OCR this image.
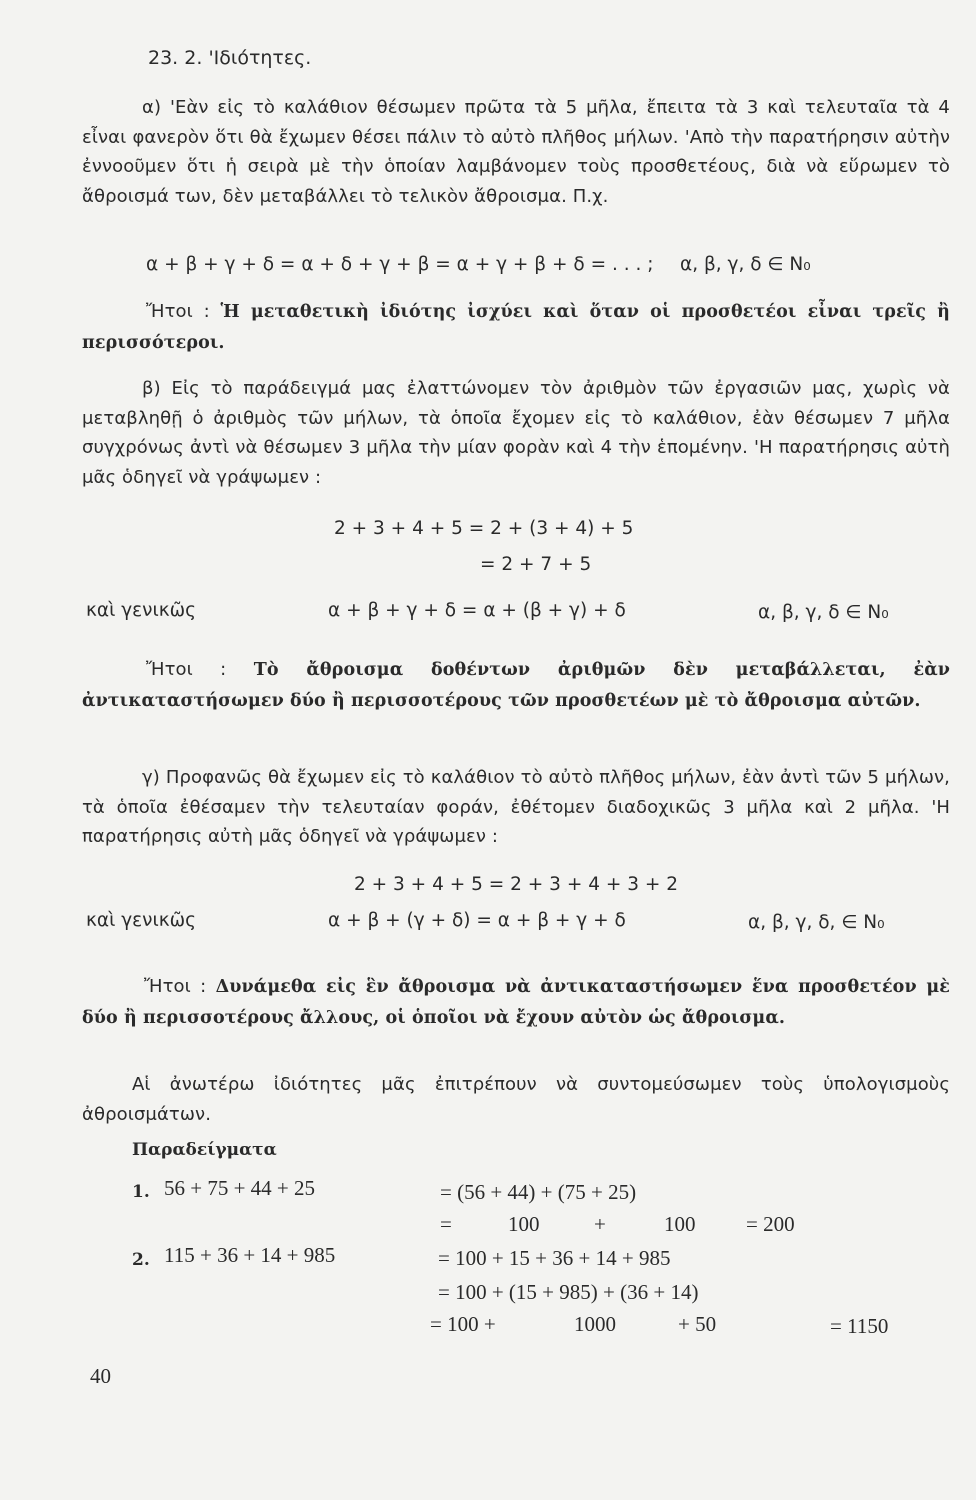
23. 2. 'Ιδιότητες.
α) 'Εὰν εἰς τὸ καλάθιον θέσωμεν πρῶτα τὰ 5 μῆλα, ἔπειτα τὰ 3 καὶ τελευταῖα τὰ 4 εἶναι φανερὸν ὅτι θὰ ἔχωμεν θέσει πάλιν τὸ αὐτὸ πλῆθος μήλων. 'Απὸ τὴν παρατήρησιν αὐτὴν ἐννοοῦμεν ὅτι ἡ σειρὰ μὲ τὴν ὁποίαν λαμβάνομεν τοὺς προσθετέους, διὰ νὰ εὕρωμεν τὸ ἄθροισμά των, δὲν μεταβάλλει τὸ τελικὸν ἄθροισμα. Π.χ.
α + β + γ + δ = α + δ + γ + β = α + γ + β + δ = . . . ; α, β, γ, δ ∈ N₀
Ἤτοι : Ἡ μεταθετικὴ ἰδιότης ἰσχύει καὶ ὅταν οἱ προσθετέοι εἶναι τρεῖς ἢ περισσότεροι.
β) Εἰς τὸ παράδειγμά μας ἐλαττώνομεν τὸν ἀριθμὸν τῶν ἐργασιῶν μας, χωρὶς νὰ μεταβληθῇ ὁ ἀριθμὸς τῶν μήλων, τὰ ὁποῖα ἔχομεν εἰς τὸ καλάθιον, ἐὰν θέσωμεν 7 μῆλα συγχρόνως ἀντὶ νὰ θέσωμεν 3 μῆλα τὴν μίαν φορὰν καὶ 4 τὴν ἑπομένην. 'Η παρατήρησις αὐτὴ μᾶς ὁδηγεῖ νὰ γράψωμεν :
2 + 3 + 4 + 5 = 2 + (3 + 4) + 5
= 2 + 7 + 5
καὶ γενικῶς	α + β + γ + δ = α + (β + γ) + δ	α, β, γ, δ ∈ N₀
Ἤτοι : Τὸ ἄθροισμα δοθέντων ἀριθμῶν δὲν μεταβάλλεται, ἐὰν ἀντικαταστήσωμεν δύο ἢ περισσοτέρους τῶν προσθετέων μὲ τὸ ἄθροισμα αὐτῶν.
γ) Προφανῶς θὰ ἔχωμεν εἰς τὸ καλάθιον τὸ αὐτὸ πλῆθος μήλων, ἐὰν ἀντὶ τῶν 5 μήλων, τὰ ὁποῖα ἐθέσαμεν τὴν τελευταίαν φοράν, ἐθέτομεν διαδοχικῶς 3 μῆλα καὶ 2 μῆλα. 'Η παρατήρησις αὐτὴ μᾶς ὁδηγεῖ νὰ γράψωμεν :
2 + 3 + 4 + 5 = 2 + 3 + 4 + 3 + 2
καὶ γενικῶς	α + β + (γ + δ) = α + β + γ + δ	α, β, γ, δ, ∈ N₀
Ἤτοι : Δυνάμεθα εἰς ἓν ἄθροισμα νὰ ἀντικαταστήσωμεν ἕνα προσθετέον μὲ δύο ἢ περισσοτέρους ἄλλους, οἱ ὁποῖοι νὰ ἔχουν αὐτὸν ὡς ἄθροισμα.
Αἱ ἀνωτέρω ἰδιότητες μᾶς ἐπιτρέπουν νὰ συντομεύσωμεν τοὺς ὑπολογισμοὺς ἀθροισμάτων.
Παραδείγματα
1. 56 + 75 + 44 + 25	= (56 + 44) + (75 + 25)
=	100	+	100 = 200
2. 115 + 36 + 14 + 985	= 100 + 15 + 36 + 14 + 985
= 100 + (15 + 985) + (36 + 14)
= 100 +	1000	+ 50	= 1150
40
